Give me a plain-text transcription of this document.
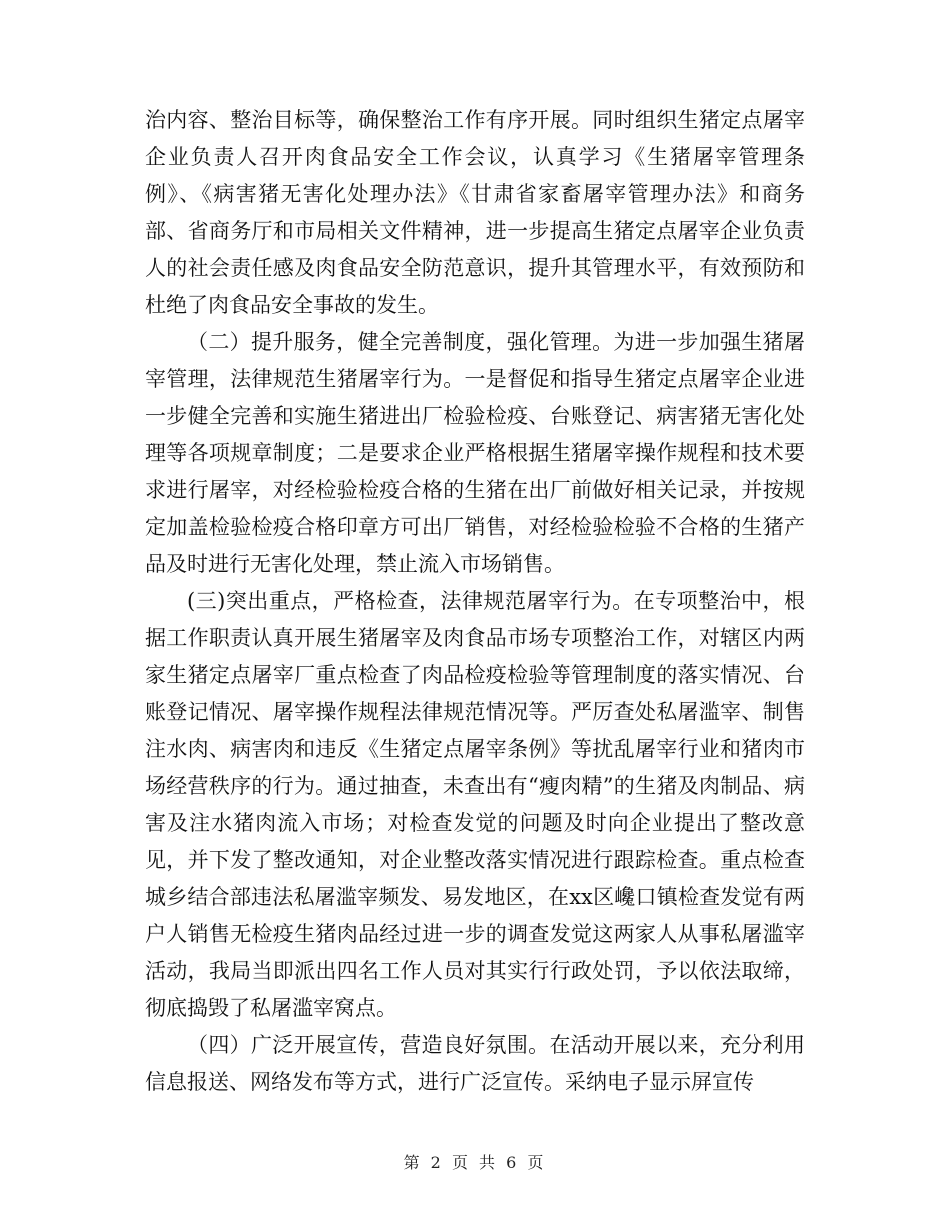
治内容、整治目标等，确保整治工作有序开展。同时组织生猪定点屠宰企业负责人召开肉食品安全工作会议，认真学习《生猪屠宰管理条例》、《病害猪无害化处理办法》《甘肃省家畜屠宰管理办法》和商务部、省商务厅和市局相关文件精神，进一步提高生猪定点屠宰企业负责人的社会责任感及肉食品安全防范意识，提升其管理水平，有效预防和杜绝了肉食品安全事故的发生。

（二）提升服务，健全完善制度，强化管理。为进一步加强生猪屠宰管理，法律规范生猪屠宰行为。一是督促和指导生猪定点屠宰企业进一步健全完善和实施生猪进出厂检验检疫、台账登记、病害猪无害化处理等各项规章制度；二是要求企业严格根据生猪屠宰操作规程和技术要求进行屠宰，对经检验检疫合格的生猪在出厂前做好相关记录，并按规定加盖检验检疫合格印章方可出厂销售，对经检验检验不合格的生猪产品及时进行无害化处理，禁止流入市场销售。

(三)突出重点，严格检查，法律规范屠宰行为。在专项整治中，根据工作职责认真开展生猪屠宰及肉食品市场专项整治工作，对辖区内两家生猪定点屠宰厂重点检查了肉品检疫检验等管理制度的落实情况、台账登记情况、屠宰操作规程法律规范情况等。严厉查处私屠滥宰、制售注水肉、病害肉和违反《生猪定点屠宰条例》等扰乱屠宰行业和猪肉市场经营秩序的行为。通过抽查，未查出有“瘦肉精”的生猪及肉制品、病害及注水猪肉流入市场；对检查发觉的问题及时向企业提出了整改意见，并下发了整改通知，对企业整改落实情况进行跟踪检查。重点检查城乡结合部违法私屠滥宰频发、易发地区，在xx区巉口镇检查发觉有两户人销售无检疫生猪肉品经过进一步的调查发觉这两家人从事私屠滥宰活动，我局当即派出四名工作人员对其实行行政处罚，予以依法取缔，彻底捣毁了私屠滥宰窝点。

（四）广泛开展宣传，营造良好氛围。在活动开展以来，充分利用信息报送、网络发布等方式，进行广泛宣传。采纳电子显示屏宣传

第 2 页 共 6 页
